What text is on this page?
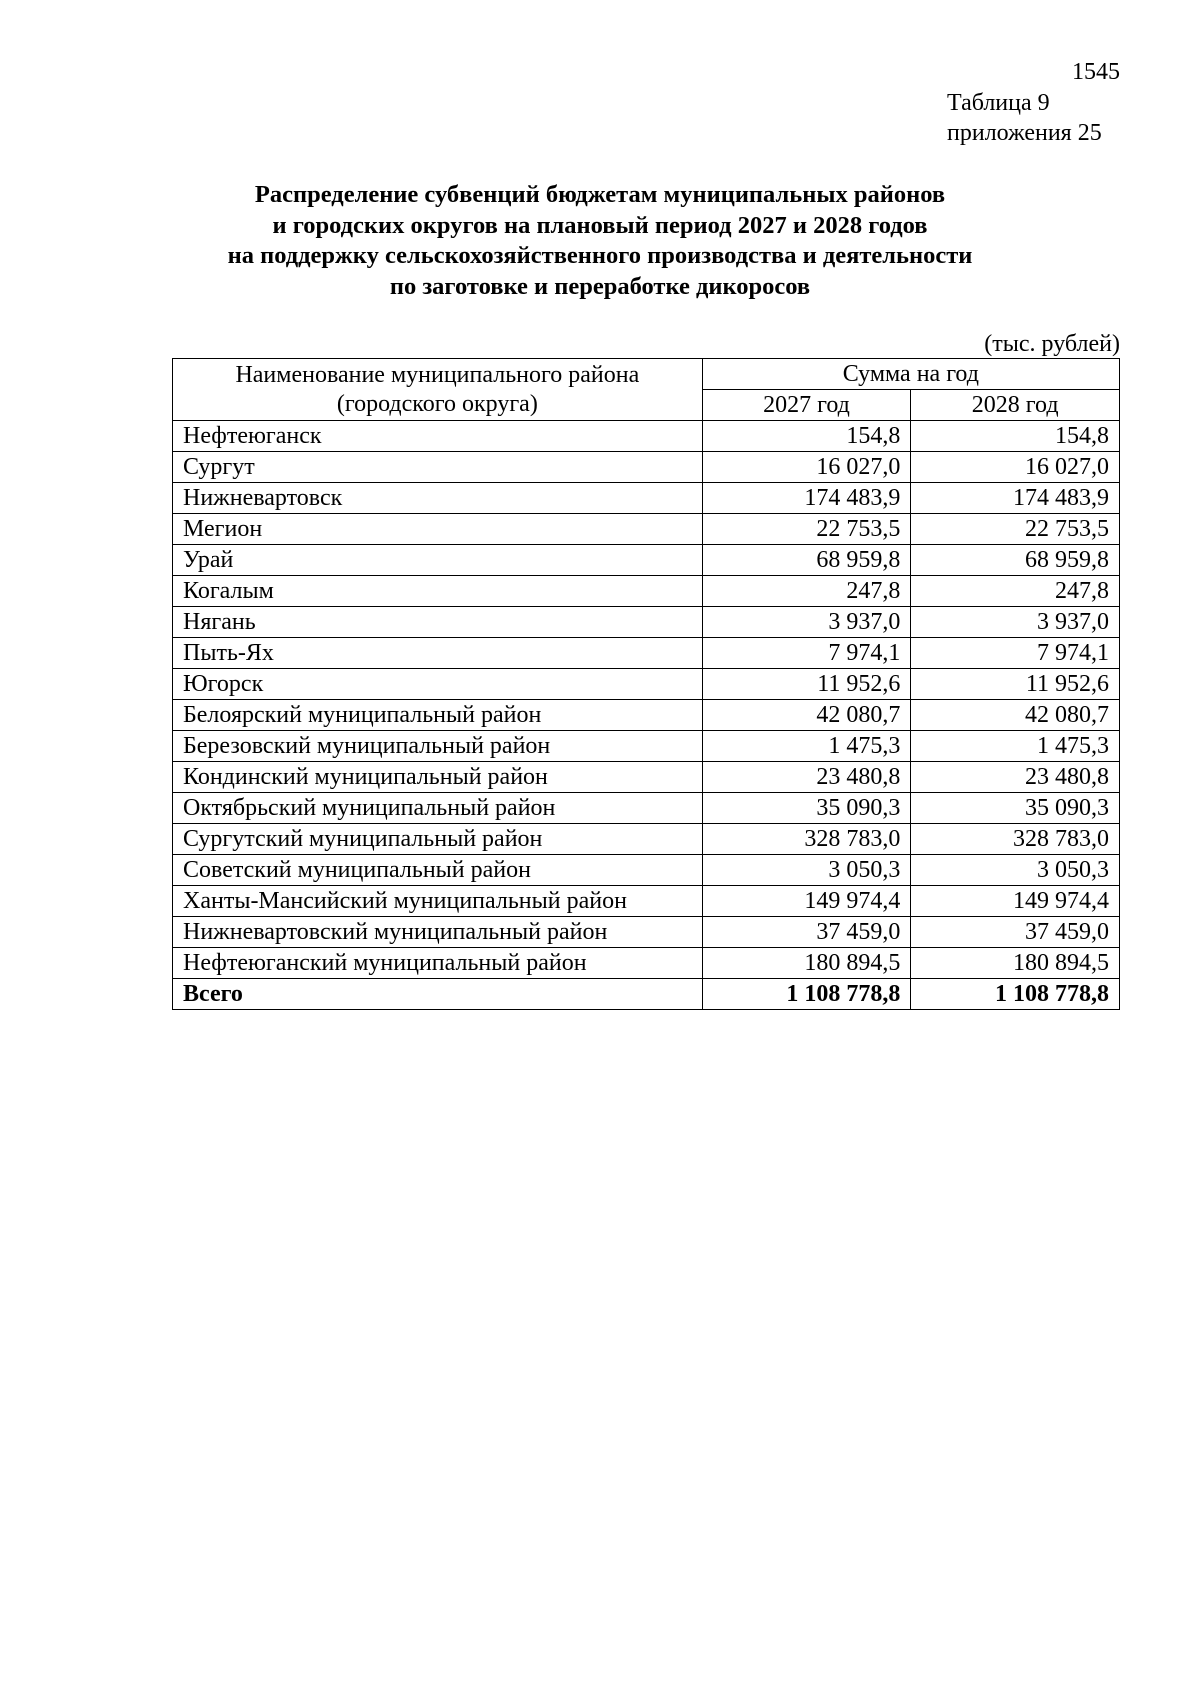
1545
Таблица 9
приложения 25
Распределение субвенций бюджетам муниципальных районов
и городских округов на плановый период 2027 и 2028 годов
на поддержку сельскохозяйственного производства и деятельности
по заготовке и переработке дикоросов
(тыс. рублей)
Наименование муниципального района
(городского округа)	Сумма на год	
	2027 год	2028 год
Нефтеюганск	154,8	154,8
Сургут	16 027,0	16 027,0
Нижневартовск	174 483,9	174 483,9
Мегион	22 753,5	22 753,5
Урай	68 959,8	68 959,8
Когалым	247,8	247,8
Нягань	3 937,0	3 937,0
Пыть-Ях	7 974,1	7 974,1
Югорск	11 952,6	11 952,6
Белоярский муниципальный район	42 080,7	42 080,7
Березовский муниципальный район	1 475,3	1 475,3
Кондинский муниципальный район	23 480,8	23 480,8
Октябрьский муниципальный район	35 090,3	35 090,3
Сургутский муниципальный район	328 783,0	328 783,0
Советский муниципальный район	3 050,3	3 050,3
Ханты-Мансийский муниципальный район	149 974,4	149 974,4
Нижневартовский муниципальный район	37 459,0	37 459,0
Нефтеюганский муниципальный район	180 894,5	180 894,5
Всего	1 108 778,8	1 108 778,8
